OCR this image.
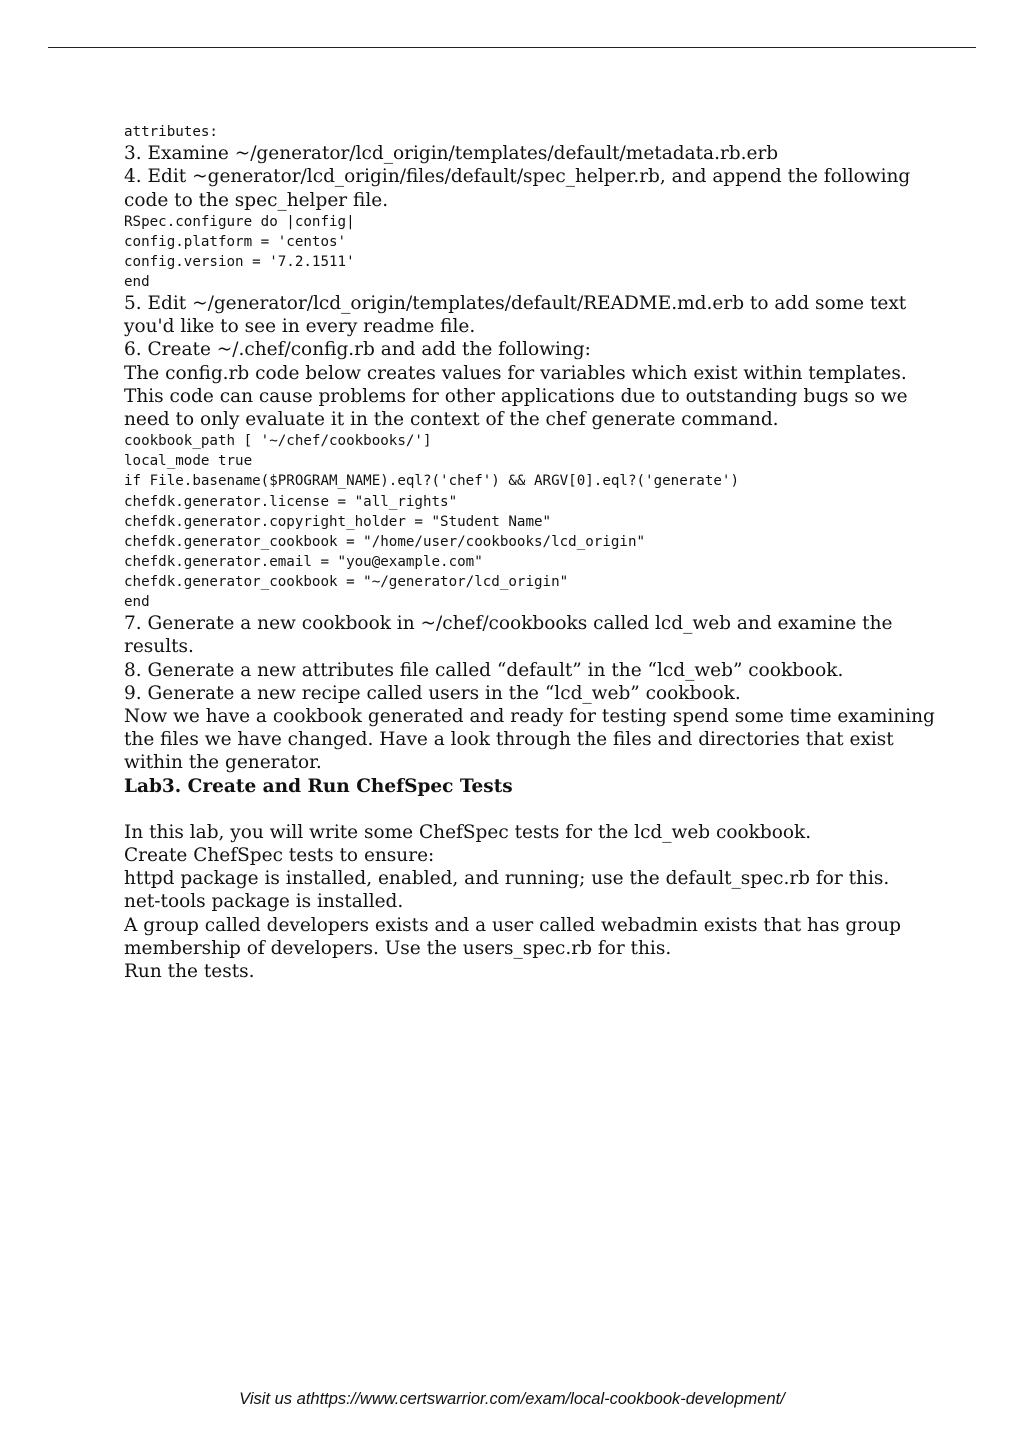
attributes:

3. Examine ~/generator/lcd_origin/templates/default/metadata.rb.erb

4. Edit ~generator/lcd_origin/files/default/spec_helper.rb, and append the following code to the spec_helper file.

RSpec.configure do |config|

config.platform = 'centos'

config.version = '7.2.1511'

end

5. Edit ~/generator/lcd_origin/templates/default/README.md.erb to add some text you'd like to see in every readme file.

6. Create ~/.chef/config.rb and add the following:

The config.rb code below creates values for variables which exist within templates. This code can cause problems for other applications due to outstanding bugs so we need to only evaluate it in the context of the chef generate command.

cookbook_path [ '~/chef/cookbooks/']

local_mode true

if File.basename($PROGRAM_NAME).eql?('chef') && ARGV[0].eql?('generate')

chefdk.generator.license = "all_rights"

chefdk.generator.copyright_holder = "Student Name"

chefdk.generator_cookbook = "/home/user/cookbooks/lcd_origin"

chefdk.generator.email = "you@example.com"

chefdk.generator_cookbook = "~/generator/lcd_origin"

end

7. Generate a new cookbook in ~/chef/cookbooks called lcd_web and examine the results.

8. Generate a new attributes file called “default” in the “lcd_web” cookbook.

9. Generate a new recipe called users in the “lcd_web” cookbook.

Now we have a cookbook generated and ready for testing spend some time examining the files we have changed. Have a look through the files and directories that exist within the generator.

Lab3. Create and Run ChefSpec Tests

In this lab, you will write some ChefSpec tests for the lcd_web cookbook.

Create ChefSpec tests to ensure:

httpd package is installed, enabled, and running; use the default_spec.rb for this.

net-tools package is installed.

A group called developers exists and a user called webadmin exists that has group membership of developers. Use the users_spec.rb for this.

Run the tests.

Visit us athttps://www.certswarrior.com/exam/local-cookbook-development/
